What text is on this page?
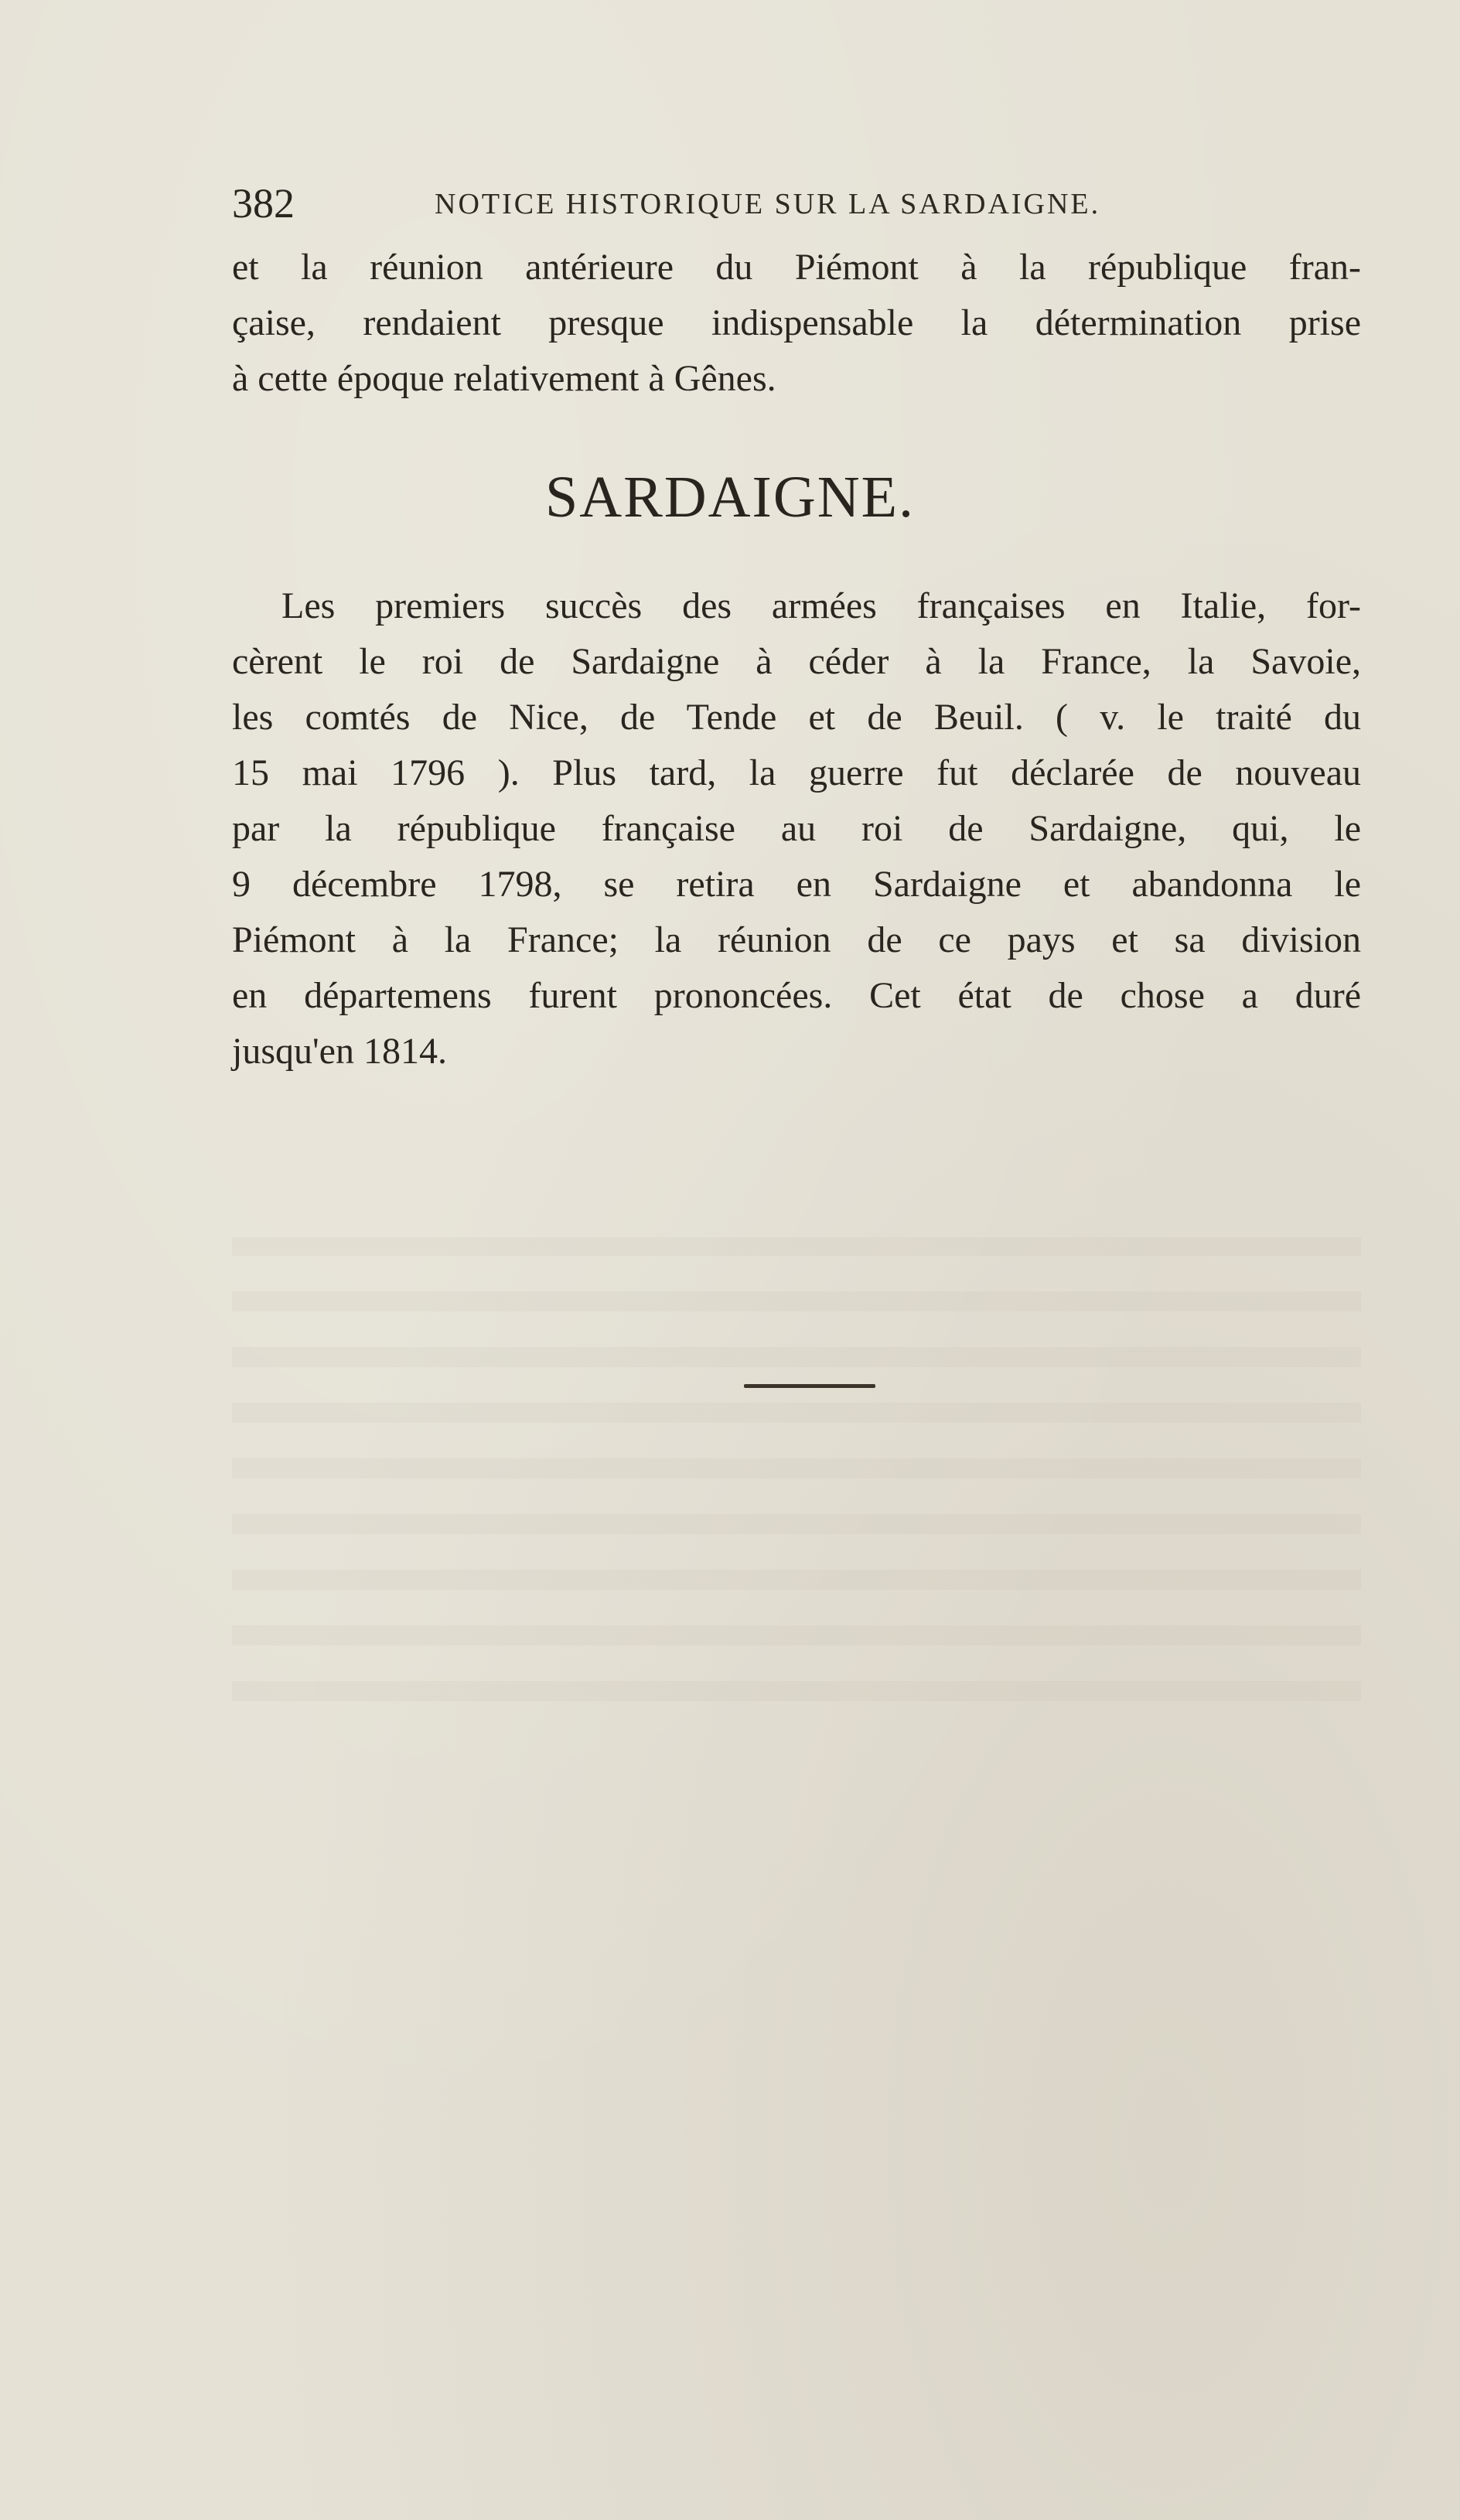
382	NOTICE HISTORIQUE SUR LA SARDAIGNE.
et la réunion antérieure du Piémont à la république fran-
çaise, rendaient presque indispensable la détermination prise
à cette époque relativement à Gênes.
SARDAIGNE.
Les premiers succès des armées françaises en Italie, for-
cèrent le roi de Sardaigne à céder à la France, la Savoie,
les comtés de Nice, de Tende et de Beuil. ( v. le traité du
15 mai 1796 ). Plus tard, la guerre fut déclarée de nouveau
par la république française au roi de Sardaigne, qui, le
9 décembre 1798, se retira en Sardaigne et abandonna le
Piémont à la France; la réunion de ce pays et sa division
en départemens furent prononcées. Cet état de chose a duré
jusqu'en 1814.
